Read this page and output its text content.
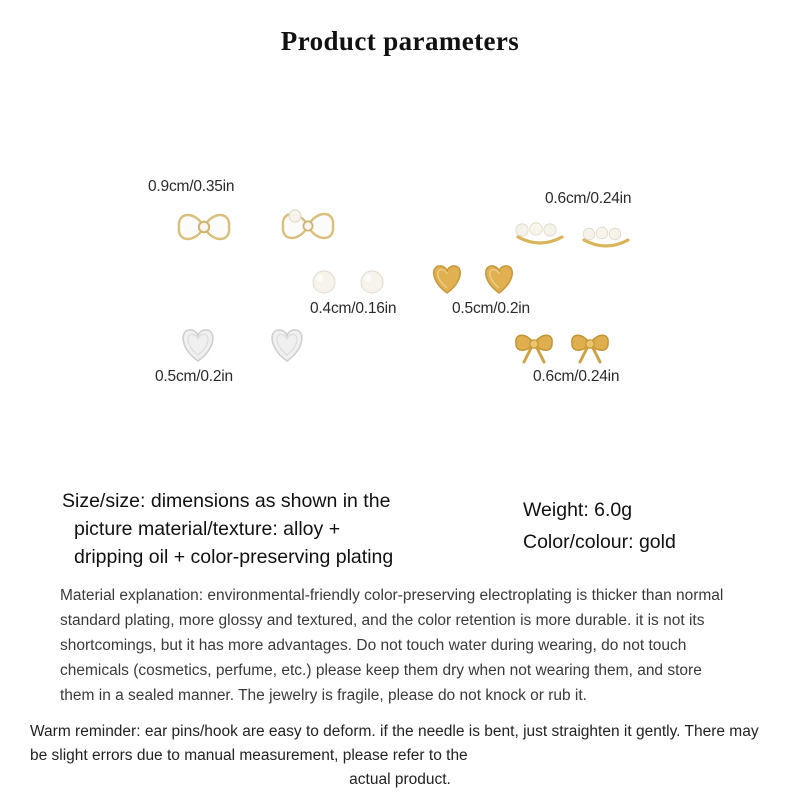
Product parameters
0.9cm/0.35in
0.6cm/0.24in
0.4cm/0.16in	0.5cm/0.2in
0.5cm/0.2in	0.6cm/0.24in
Size/size: dimensions as shown in the
picture material/texture: alloy +
dripping oil + color-preserving plating
Weight: 6.0g
Color/colour: gold
Material explanation: environmental-friendly color-preserving electroplating is thicker than normal standard plating, more glossy and textured, and the color retention is more durable. it is not its shortcomings, but it has more advantages. Do not touch water during wearing, do not touch chemicals (cosmetics, perfume, etc.) please keep them dry when not wearing them, and store them in a sealed manner. The jewelry is fragile, please do not knock or rub it.
Warm reminder: ear pins/hook are easy to deform. if the needle is bent, just straighten it gently. There may be slight errors due to manual measurement, please refer to the
actual product.
